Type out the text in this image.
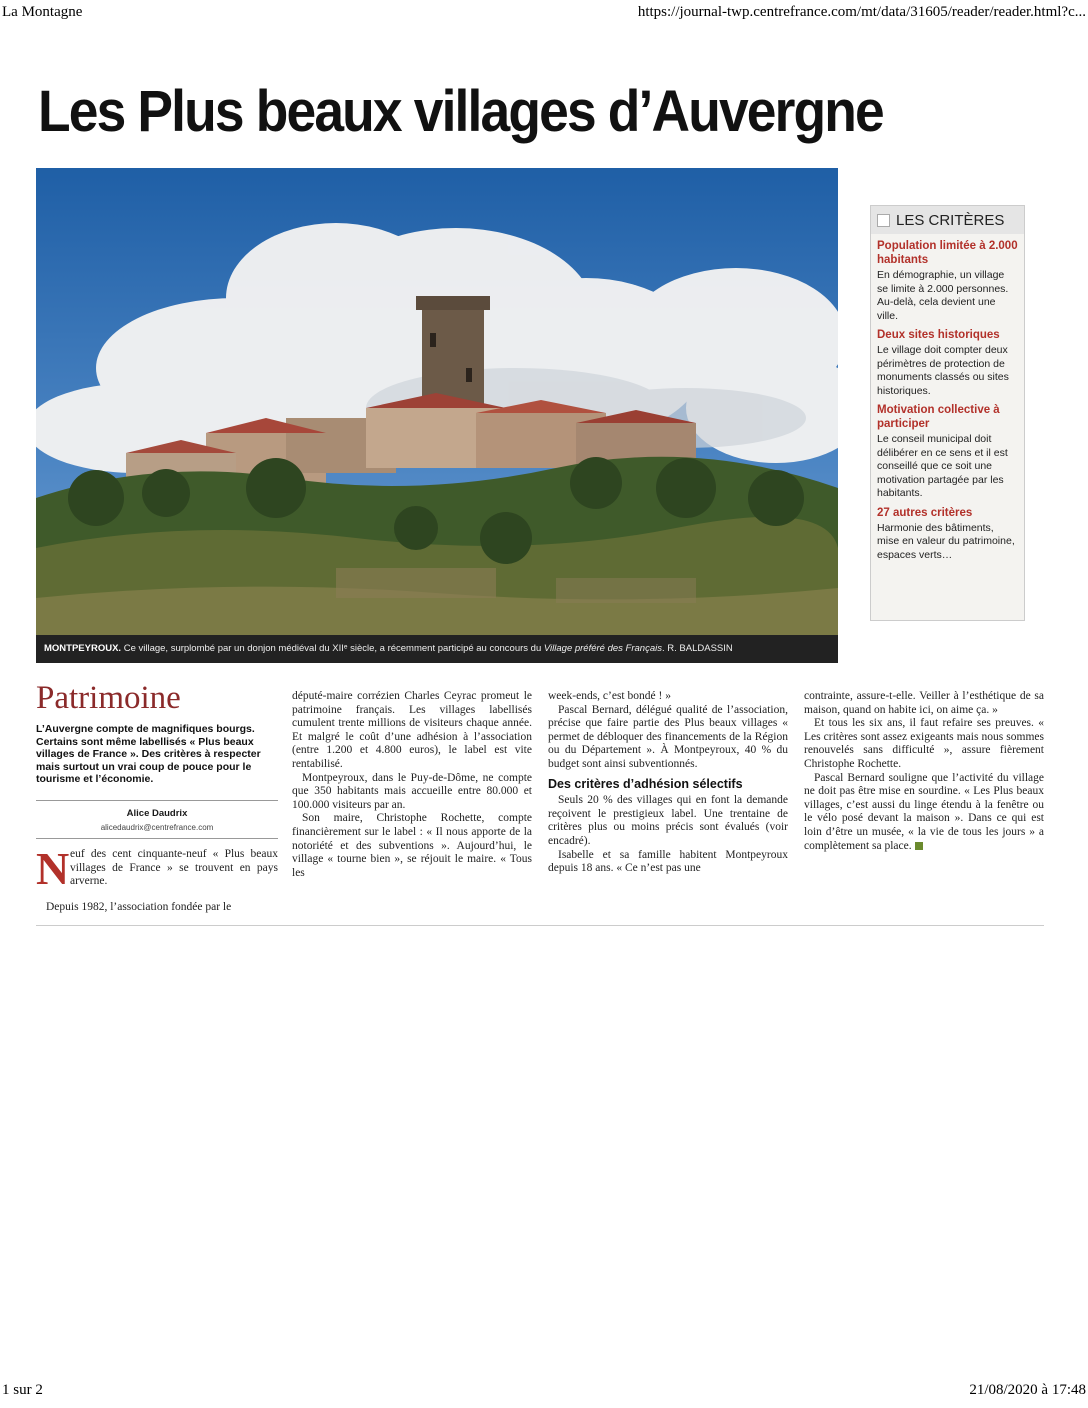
La Montagne	https://journal-twp.centrefrance.com/mt/data/31605/reader/reader.html?c...
Les Plus beaux villages d’Auvergne
MONTPEYROUX. Ce village, surplombé par un donjon médiéval du XIIᵉ siècle, a récemment participé au concours du Village préféré des Français. R. BALDASSIN
LES CRITÈRES
Population limitée à 2.000 habitants
En démographie, un village se limite à 2.000 personnes. Au-delà, cela devient une ville.
Deux sites historiques
Le village doit compter deux périmètres de protection de monuments classés ou sites historiques.
Motivation collective à participer
Le conseil municipal doit délibérer en ce sens et il est conseillé que ce soit une motivation partagée par les habitants.
27 autres critères
Harmonie des bâtiments, mise en valeur du patrimoine, espaces verts…
Patrimoine
L’Auvergne compte de magnifiques bourgs. Certains sont même labellisés « Plus beaux villages de France ». Des critères à respecter mais surtout un vrai coup de pouce pour le tourisme et l’économie.
Alice Daudrix
alicedaudrix@centrefrance.com
N euf des cent cinquante-neuf « Plus beaux villages de France » se trouvent en pays arverne.

Depuis 1982, l’association fondée par le

député-maire corrézien Charles Ceyrac promeut le patrimoine français. Les villages labellisés cumulent trente millions de visiteurs chaque année. Et malgré le coût d’une adhésion à l’association (entre 1.200 et 4.800 euros), le label est vite rentabilisé.

Montpeyroux, dans le Puy-de-Dôme, ne compte que 350 habitants mais accueille entre 80.000 et 100.000 visiteurs par an.

Son maire, Christophe Rochette, compte financièrement sur le label : « Il nous apporte de la notoriété et des subventions ». Aujourd’hui, le village « tourne bien », se réjouit le maire. « Tous les

week-ends, c’est bondé ! »

Pascal Bernard, délégué qualité de l’association, précise que faire partie des Plus beaux villages « permet de débloquer des financements de la Région ou du Département ». À Montpeyroux, 40 % du budget sont ainsi subventionnés.

Des critères d’adhésion sélectifs

Seuls 20 % des villages qui en font la demande reçoivent le prestigieux label. Une trentaine de critères plus ou moins précis sont évalués (voir encadré).

Isabelle et sa famille habitent Montpeyroux depuis 18 ans. « Ce n’est pas une

contrainte, assure-t-elle. Veiller à l’esthétique de sa maison, quand on habite ici, on aime ça. »

Et tous les six ans, il faut refaire ses preuves. « Les critères sont assez exigeants mais nous sommes renouvelés sans difficulté », assure fièrement Christophe Rochette.

Pascal Bernard souligne que l’activité du village ne doit pas être mise en sourdine. « Les Plus beaux villages, c’est aussi du linge étendu à la fenêtre ou le vélo posé devant la maison ». Dans ce qui est loin d’être un musée, « la vie de tous les jours » a complètement sa place.

1 sur 2	21/08/2020 à 17:48
